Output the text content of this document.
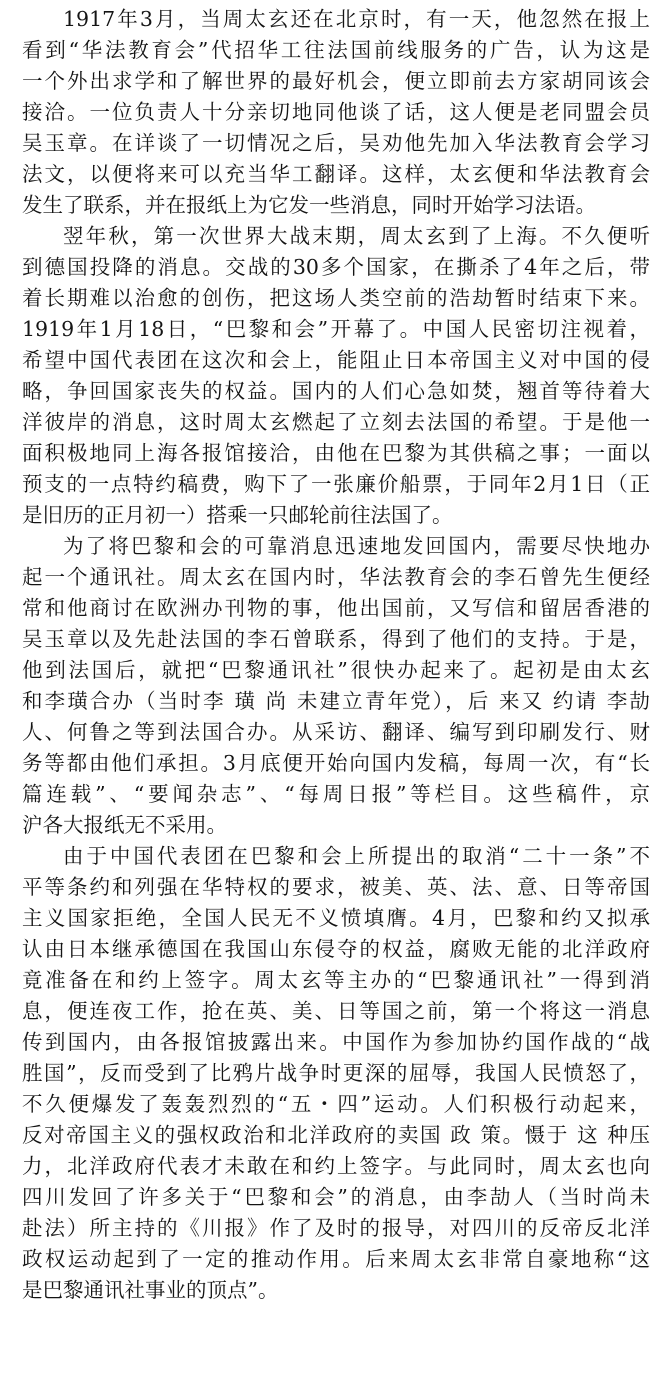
1917年3月，当周太玄还在北京时，有一天，他忽然在报上
看到“华法教育会”代招华工往法国前线服务的广告，认为这是
一个外出求学和了解世界的最好机会，便立即前去方家胡同该会
接洽。一位负责人十分亲切地同他谈了话，这人便是老同盟会员
吴玉章。在详谈了一切情况之后，吴劝他先加入华法教育会学习
法文，以便将来可以充当华工翻译。这样，太玄便和华法教育会
发生了联系，并在报纸上为它发一些消息，同时开始学习法语。
翌年秋，第一次世界大战末期，周太玄到了上海。不久便听
到德国投降的消息。交战的30多个国家，在撕杀了4年之后，带
着长期难以治愈的创伤，把这场人类空前的浩劫暂时结束下来。
1919年1月18日，“巴黎和会”开幕了。中国人民密切注视着，
希望中国代表团在这次和会上，能阻止日本帝国主义对中国的侵
略，争回国家丧失的权益。国内的人们心急如焚，翘首等待着大
洋彼岸的消息，这时周太玄燃起了立刻去法国的希望。于是他一
面积极地同上海各报馆接洽，由他在巴黎为其供稿之事；一面以
预支的一点特约稿费，购下了一张廉价船票，于同年2月1日（正
是旧历的正月初一）搭乘一只邮轮前往法国了。
为了将巴黎和会的可靠消息迅速地发回国内，需要尽快地办
起一个通讯社。周太玄在国内时，华法教育会的李石曾先生便经
常和他商讨在欧洲办刊物的事，他出国前，又写信和留居香港的
吴玉章以及先赴法国的李石曾联系，得到了他们的支持。于是，
他到法国后，就把“巴黎通讯社”很快办起来了。起初是由太玄
和李璜合办（当时李 璜 尚 未建立青年党），后 来又 约请 李劼
人、何鲁之等到法国合办。从采访、翻译、编写到印刷发行、财
务等都由他们承担。3月底便开始向国内发稿，每周一次，有“长
篇连载”、“要闻杂志”、“每周日报”等栏目。这些稿件，京
沪各大报纸无不采用。
由于中国代表团在巴黎和会上所提出的取消“二十一条”不
平等条约和列强在华特权的要求，被美、英、法、意、日等帝国
主义国家拒绝，全国人民无不义愤填膺。4月，巴黎和约又拟承
认由日本继承德国在我国山东侵夺的权益，腐败无能的北洋政府
竟准备在和约上签字。周太玄等主办的“巴黎通讯社”一得到消
息，便连夜工作，抢在英、美、日等国之前，第一个将这一消息
传到国内，由各报馆披露出来。中国作为参加协约国作战的“战
胜国”，反而受到了比鸦片战争时更深的屈辱，我国人民愤怒了，
不久便爆发了轰轰烈烈的“五・四”运动。人们积极行动起来，
反对帝国主义的强权政治和北洋政府的卖国 政 策。慑于 这 种压
力，北洋政府代表才未敢在和约上签字。与此同时，周太玄也向
四川发回了许多关于“巴黎和会”的消息，由李劼人（当时尚未
赴法）所主持的《川报》作了及时的报导，对四川的反帝反北洋
政权运动起到了一定的推动作用。后来周太玄非常自豪地称“这
是巴黎通讯社事业的顶点”。
